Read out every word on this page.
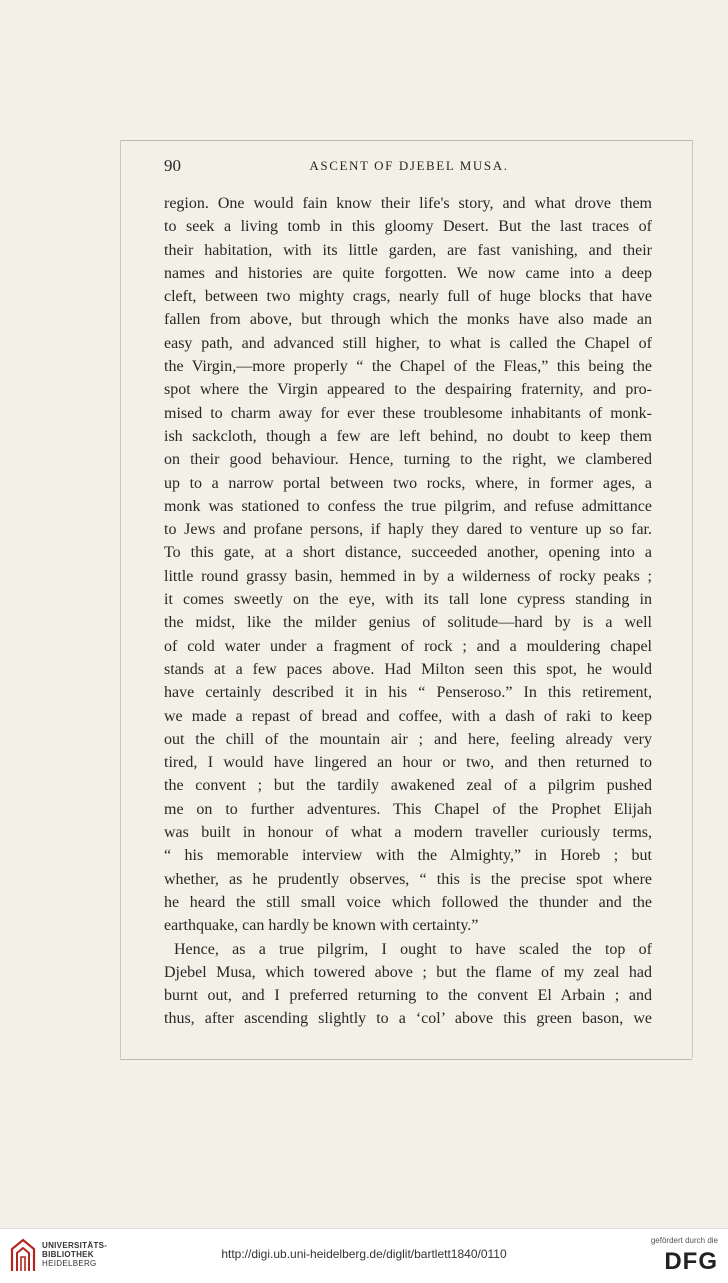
90	ASCENT OF DJEBEL MUSA.
region. One would fain know their life's story, and what drove them
to seek a living tomb in this gloomy Desert. But the last traces of
their habitation, with its little garden, are fast vanishing, and their
names and histories are quite forgotten. We now came into a deep
cleft, between two mighty crags, nearly full of huge blocks that have
fallen from above, but through which the monks have also made an
easy path, and advanced still higher, to what is called the Chapel of
the Virgin,—more properly “ the Chapel of the Fleas,” this being the
spot where the Virgin appeared to the despairing fraternity, and pro-
mised to charm away for ever these troublesome inhabitants of monk-
ish sackcloth, though a few are left behind, no doubt to keep them
on their good behaviour. Hence, turning to the right, we clambered
up to a narrow portal between two rocks, where, in former ages, a
monk was stationed to confess the true pilgrim, and refuse admittance
to Jews and profane persons, if haply they dared to venture up so far.
To this gate, at a short distance, succeeded another, opening into a
little round grassy basin, hemmed in by a wilderness of rocky peaks ;
it comes sweetly on the eye, with its tall lone cypress standing in
the midst, like the milder genius of solitude—hard by is a well
of cold water under a fragment of rock ; and a mouldering chapel
stands at a few paces above. Had Milton seen this spot, he would
have certainly described it in his “ Penseroso.” In this retirement,
we made a repast of bread and coffee, with a dash of raki to keep
out the chill of the mountain air ; and here, feeling already very
tired, I would have lingered an hour or two, and then returned to
the convent ; but the tardily awakened zeal of a pilgrim pushed
me on to further adventures. This Chapel of the Prophet Elijah
was built in honour of what a modern traveller curiously terms,
“ his memorable interview with the Almighty,” in Horeb ; but
whether, as he prudently observes, “ this is the precise spot where
he heard the still small voice which followed the thunder and the
earthquake, can hardly be known with certainty.”
Hence, as a true pilgrim, I ought to have scaled the top of
Djebel Musa, which towered above ; but the flame of my zeal had
burnt out, and I preferred returning to the convent El Arbain ; and
thus, after ascending slightly to a ‘col’ above this green bason, we
UNIVERSITÄTS-
BIBLIOTHEK
HEIDELBERG
http://digi.ub.uni-heidelberg.de/diglit/bartlett1840/0110
gefördert durch die
DFG
